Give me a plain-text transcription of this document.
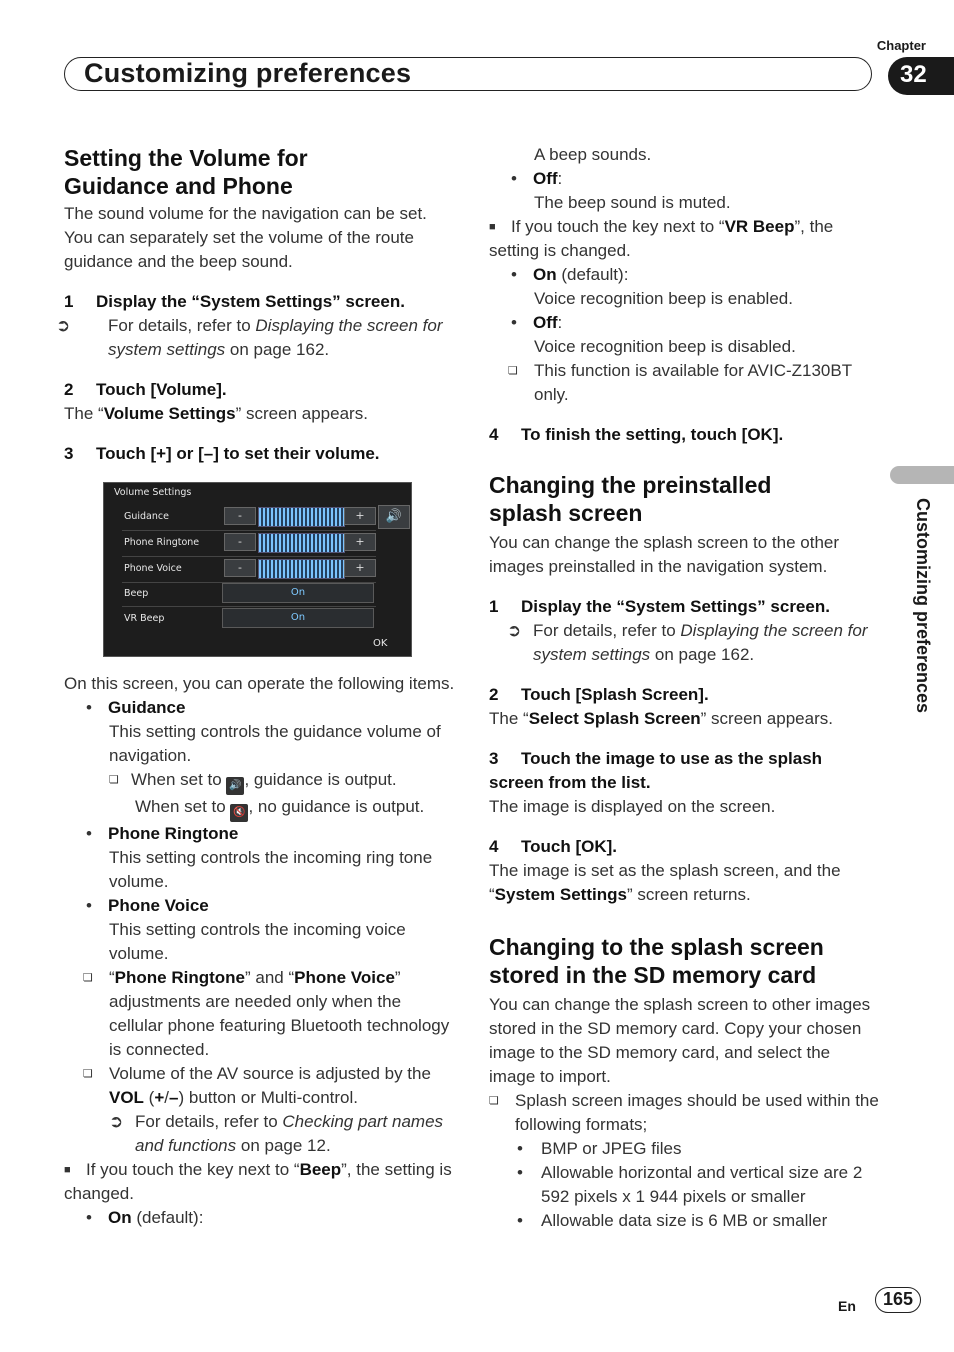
Chapter
Customizing preferences	32
Customizing preferences
Setting the Volume for
Guidance and Phone

The sound volume for the navigation can be set. You can separately set the volume of the route guidance and the beep sound.

1 Display the “System Settings” screen.

➲ For details, refer to Displaying the screen for system settings on page 162.

2 Touch [Volume].

The “Volume Settings” screen appears.

3 Touch [+] or [–] to set their volume.
Volume Settings
🔊
Guidance	-	+
Phone Ringtone	-	+
Phone Voice	-	+
Beep	On
VR Beep	On
OK

On this screen, you can operate the following items.

• Guidance

This setting controls the guidance volume of navigation.

❏ When set to 🔊 , guidance is output.

When set to 🔇 , no guidance is output.

• Phone Ringtone

This setting controls the incoming ring tone volume.

• Phone Voice

This setting controls the incoming voice volume.

❏ “Phone Ringtone” and “Phone Voice” adjustments are needed only when the cellular phone featuring Bluetooth technology is connected.

❏ Volume of the AV source is adjusted by the VOL (+/–) button or Multi-control.

➲ For details, refer to Checking part names and functions on page 12.

■ If you touch the key next to “Beep”, the setting is changed.

• On (default):

A beep sounds.

• Off:

The beep sound is muted.

■ If you touch the key next to “VR Beep”, the setting is changed.

• On (default):

Voice recognition beep is enabled.

• Off:

Voice recognition beep is disabled.

❏ This function is available for AVIC-Z130BT only.

4 To finish the setting, touch [OK].
Changing the preinstalled
splash screen

You can change the splash screen to the other images preinstalled in the navigation system.

1 Display the “System Settings” screen.

➲ For details, refer to Displaying the screen for system settings on page 162.

2 Touch [Splash Screen].

The “Select Splash Screen” screen appears.

3 Touch the image to use as the splash screen from the list.

The image is displayed on the screen.

4 Touch [OK].

The image is set as the splash screen, and the “System Settings” screen returns.

Changing to the splash screen
stored in the SD memory card

You can change the splash screen to other images stored in the SD memory card. Copy your chosen image to the SD memory card, and select the image to import.

❏ Splash screen images should be used within the following formats;

• BMP or JPEG files

• Allowable horizontal and vertical size are 2 592 pixels x 1 944 pixels or smaller

• Allowable data size is 6 MB or smaller

En	165
